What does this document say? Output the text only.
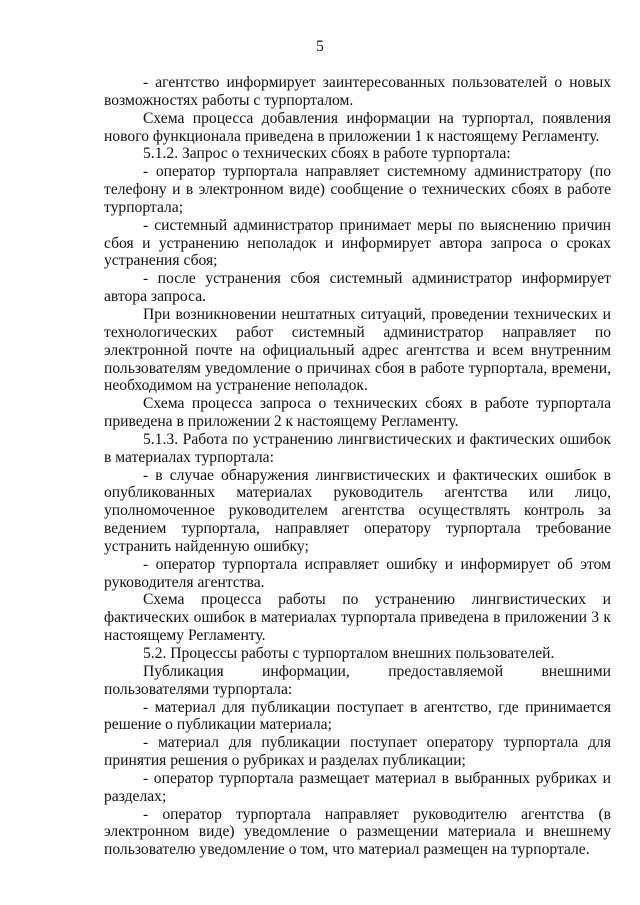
5

- агентство информирует заинтересованных пользователей о новых возможностях работы с турпорталом.

Схема процесса добавления информации на турпортал, появления нового функционала приведена в приложении 1 к настоящему Регламенту.

5.1.2. Запрос о технических сбоях в работе турпортала:

- оператор турпортала направляет системному администратору (по телефону и в электронном виде) сообщение о технических сбоях в работе турпортала;

- системный администратор принимает меры по выяснению причин сбоя и устранению неполадок и информирует автора запроса о сроках устранения сбоя;

- после устранения сбоя системный администратор информирует автора запроса.

При возникновении нештатных ситуаций, проведении технических и технологических работ системный администратор направляет по электронной почте на официальный адрес агентства и всем внутренним пользователям уведомление о причинах сбоя в работе турпортала, времени, необходимом на устранение неполадок.

Схема процесса запроса о технических сбоях в работе турпортала приведена в приложении 2 к настоящему Регламенту.

5.1.3. Работа по устранению лингвистических и фактических ошибок в материалах турпортала:

- в случае обнаружения лингвистических и фактических ошибок в опубликованных материалах руководитель агентства или лицо, уполномоченное руководителем агентства осуществлять контроль за ведением турпортала, направляет оператору турпортала требование устранить найденную ошибку;

- оператор турпортала исправляет ошибку и информирует об этом руководителя агентства.

Схема процесса работы по устранению лингвистических и фактических ошибок в материалах турпортала приведена в приложении 3 к настоящему Регламенту.

5.2. Процессы работы с турпорталом внешних пользователей.

Публикация информации, предоставляемой внешними пользователями турпортала:

- материал для публикации поступает в агентство, где принимается решение о публикации материала;

- материал для публикации поступает оператору турпортала для принятия решения о рубриках и разделах публикации;

- оператор турпортала размещает материал в выбранных рубриках и разделах;

- оператор турпортала направляет руководителю агентства (в электронном виде) уведомление о размещении материала и внешнему пользователю уведомление о том, что материал размещен на турпортале.
